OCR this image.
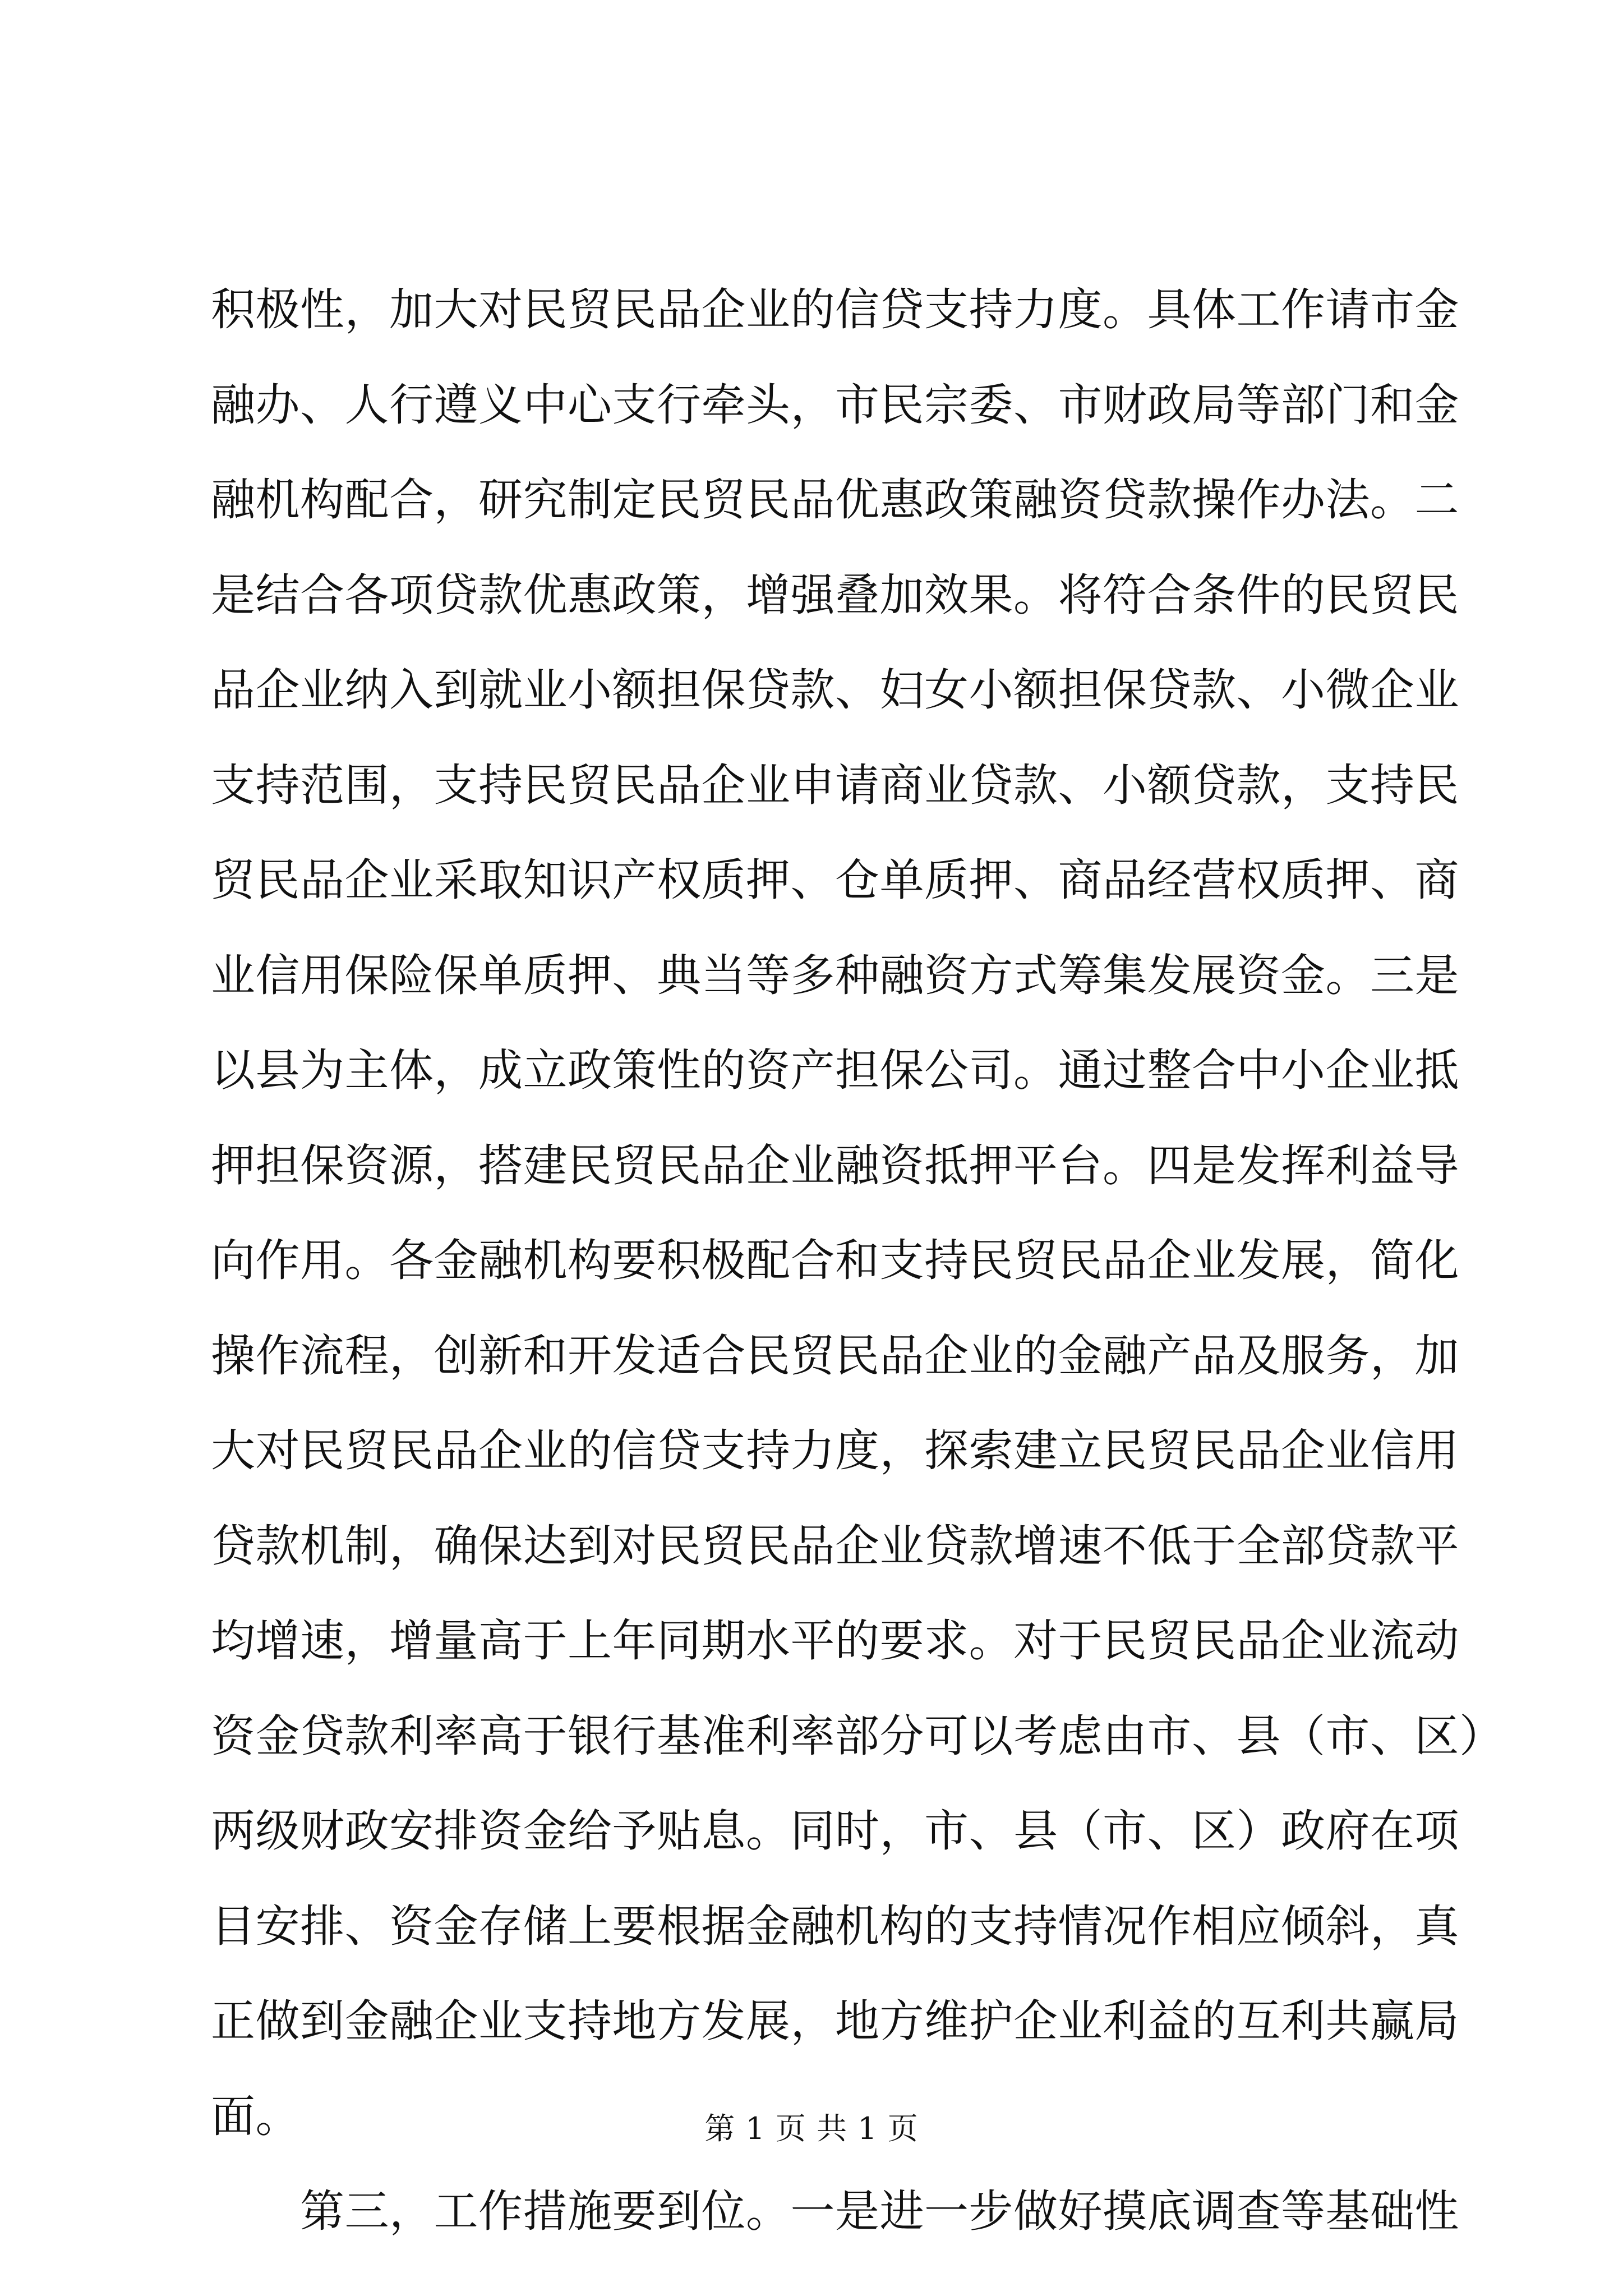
积极性，加大对民贸民品企业的信贷支持力度。具体工作请市金
融办、人行遵义中心支行牵头，市民宗委、市财政局等部门和金
融机构配合，研究制定民贸民品优惠政策融资贷款操作办法。二
是结合各项贷款优惠政策，增强叠加效果。将符合条件的民贸民
品企业纳入到就业小额担保贷款、妇女小额担保贷款、小微企业
支持范围，支持民贸民品企业申请商业贷款、小额贷款，支持民
贸民品企业采取知识产权质押、仓单质押、商品经营权质押、商
业信用保险保单质押、典当等多种融资方式筹集发展资金。三是
以县为主体，成立政策性的资产担保公司。通过整合中小企业抵
押担保资源，搭建民贸民品企业融资抵押平台。四是发挥利益导
向作用。各金融机构要积极配合和支持民贸民品企业发展，简化
操作流程，创新和开发适合民贸民品企业的金融产品及服务，加
大对民贸民品企业的信贷支持力度，探索建立民贸民品企业信用
贷款机制，确保达到对民贸民品企业贷款增速不低于全部贷款平
均增速，增量高于上年同期水平的要求。对于民贸民品企业流动
资金贷款利率高于银行基准利率部分可以考虑由市、县（市、区）
两级财政安排资金给予贴息。同时，市、县（市、区）政府在项
目安排、资金存储上要根据金融机构的支持情况作相应倾斜，真
正做到金融企业支持地方发展，地方维护企业利益的互利共赢局
面。
　　第三，工作措施要到位。一是进一步做好摸底调查等基础性
第 1 页 共 1 页
